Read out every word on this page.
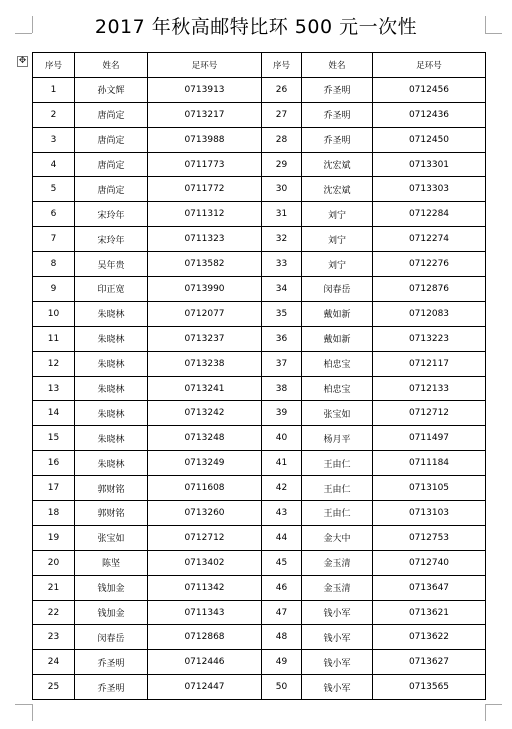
2017 年秋高邮特比环 500 元一次性
✥ 序号	姓名	足环号	序号	姓名	足环号
1	孙文辉	0713913	26	乔圣明	0712456
2	唐尚定	0713217	27	乔圣明	0712436
3	唐尚定	0713988	28	乔圣明	0712450
4	唐尚定	0711773	29	沈宏斌	0713301
5	唐尚定	0711772	30	沈宏斌	0713303
6	宋玲年	0711312	31	刘宁	0712284
7	宋玲年	0711323	32	刘宁	0712274
8	吴年贵	0713582	33	刘宁	0712276
9	印正宽	0713990	34	闵春岳	0712876
10	朱晓林	0712077	35	戴如新	0712083
11	朱晓林	0713237	36	戴如新	0713223
12	朱晓林	0713238	37	柏忠宝	0712117
13	朱晓林	0713241	38	柏忠宝	0712133
14	朱晓林	0713242	39	张宝如	0712712
15	朱晓林	0713248	40	杨月平	0711497
16	朱晓林	0713249	41	王由仁	0711184
17	郭财铭	0711608	42	王由仁	0713105
18	郭财铭	0713260	43	王由仁	0713103
19	张宝如	0712712	44	金大中	0712753
20	陈坚	0713402	45	金玉清	0712740
21	钱加金	0711342	46	金玉清	0713647
22	钱加金	0711343	47	钱小军	0713621
23	闵春岳	0712868	48	钱小军	0713622
24	乔圣明	0712446	49	钱小军	0713627
25	乔圣明	0712447	50	钱小军	0713565
